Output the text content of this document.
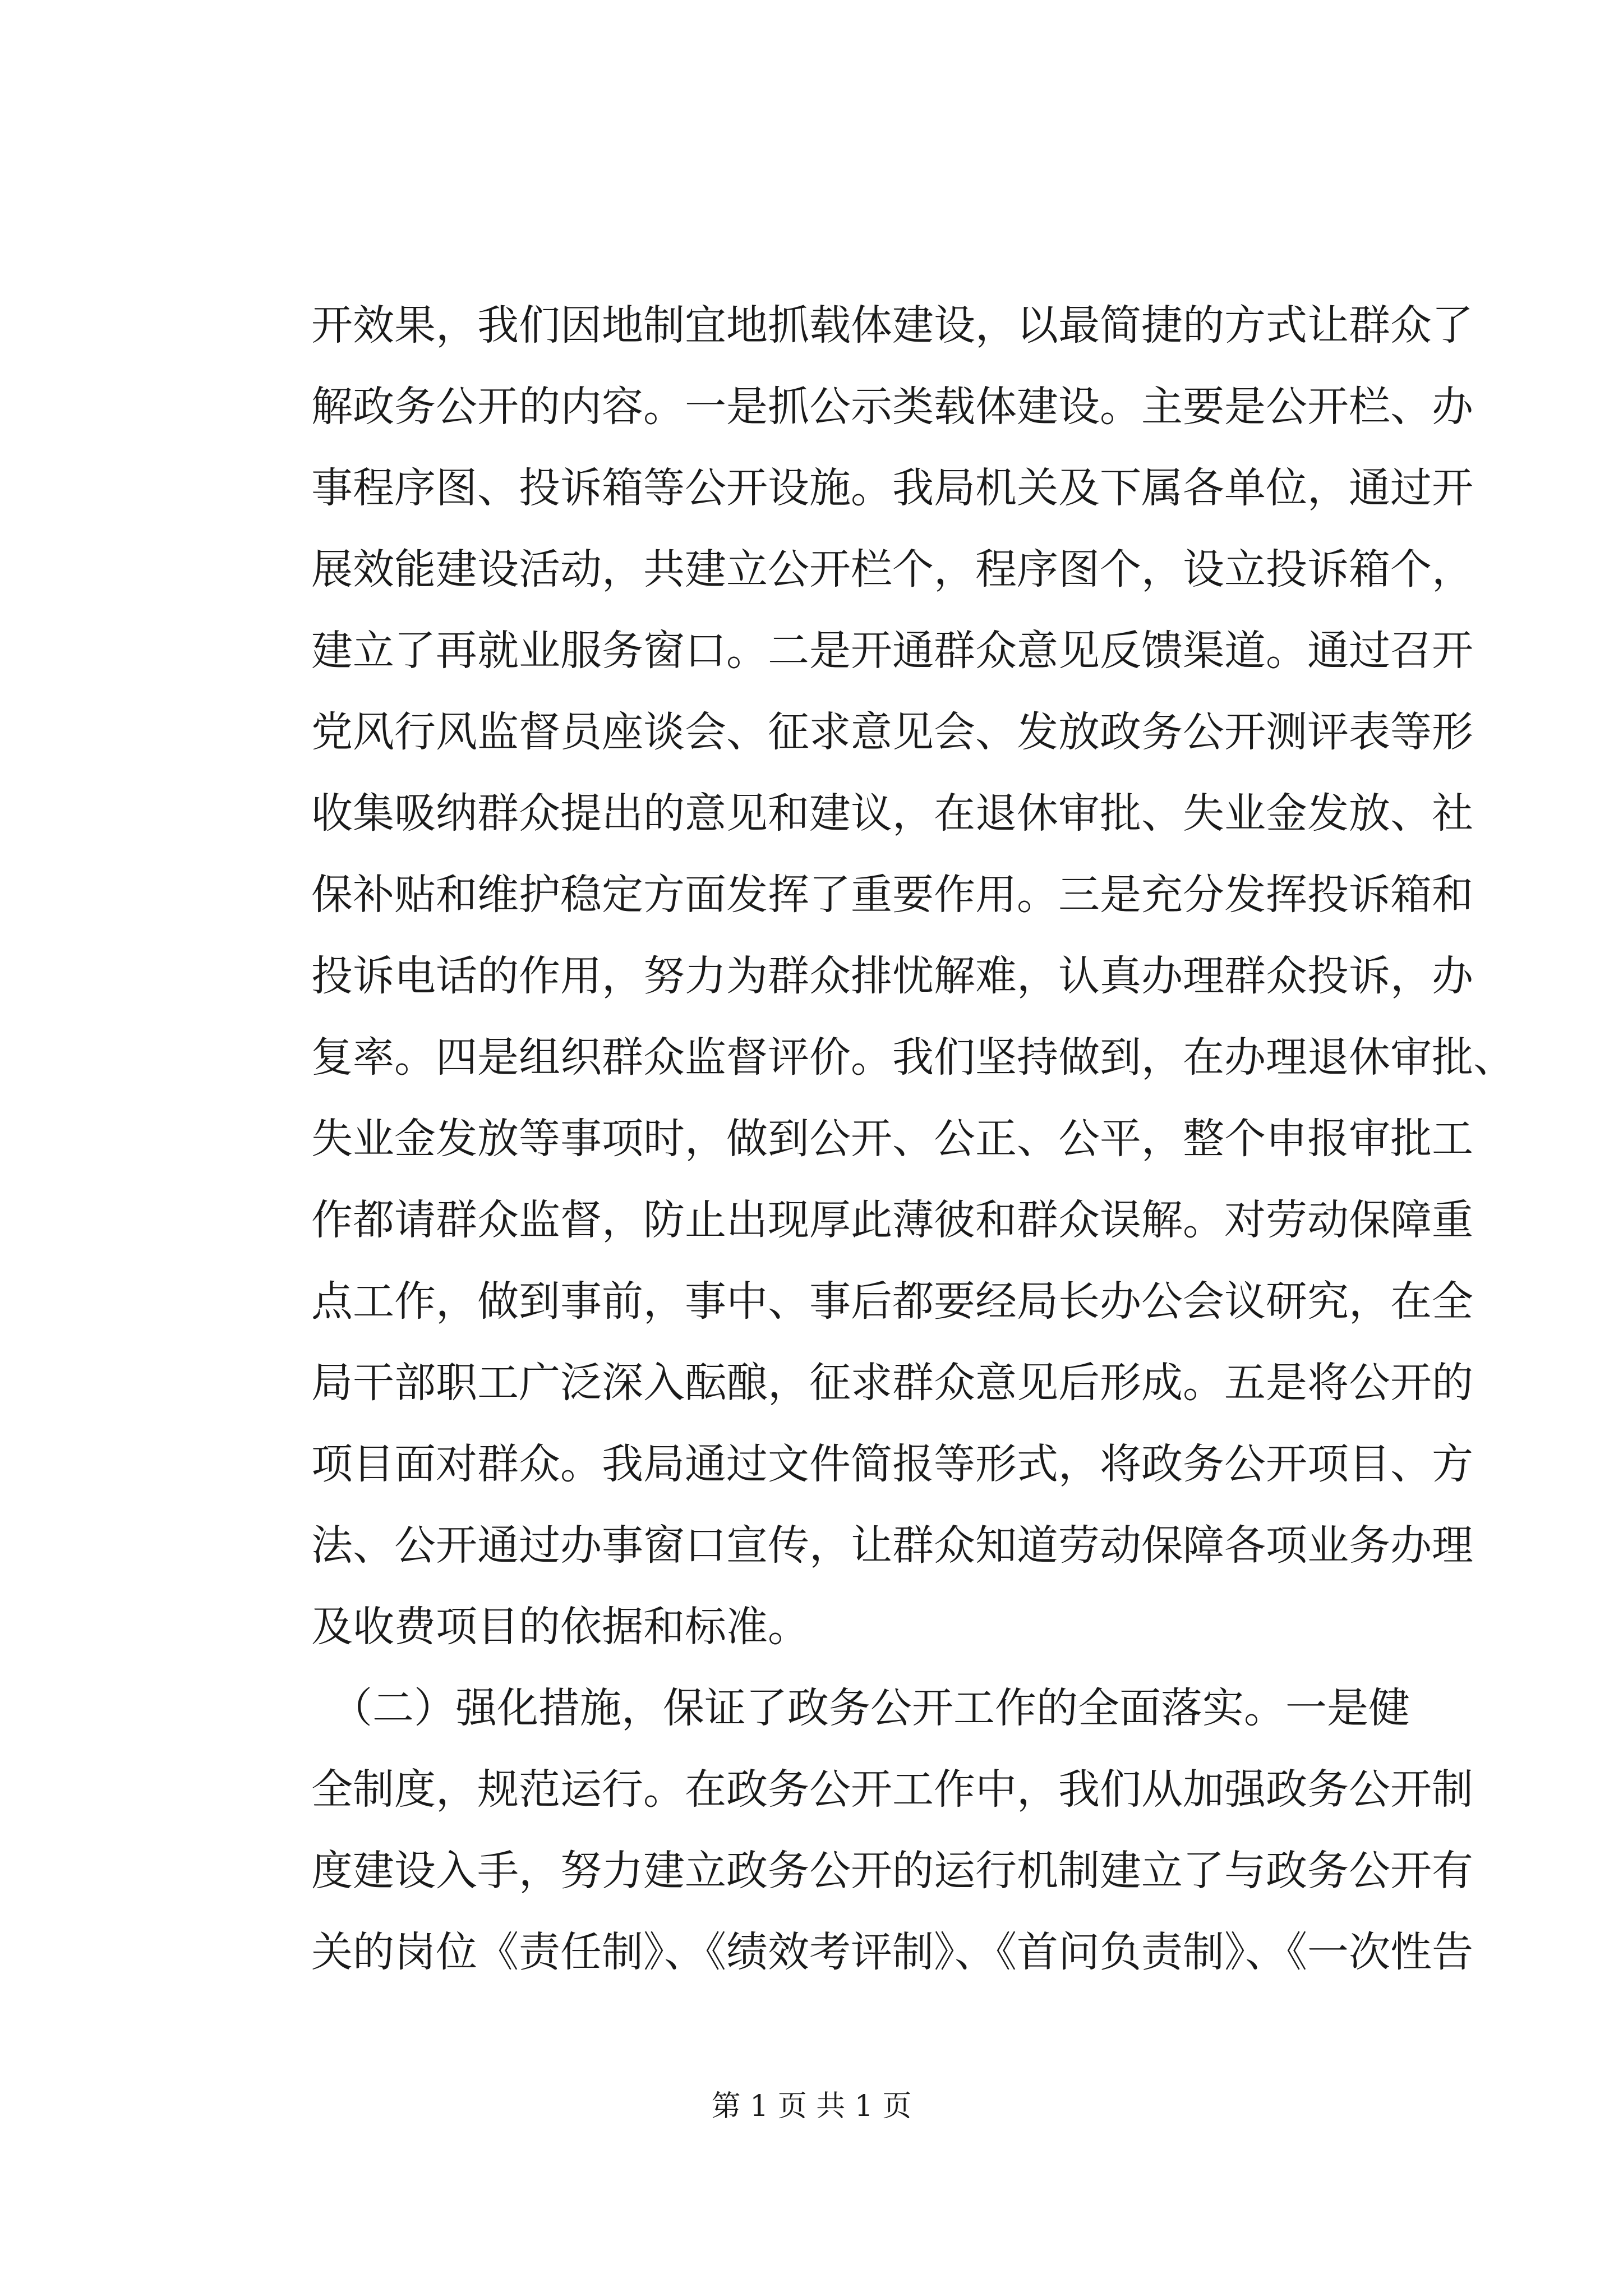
开效果，我们因地制宜地抓载体建设，以最简捷的方式让群众了
解政务公开的内容。一是抓公示类载体建设。主要是公开栏、办
事程序图、投诉箱等公开设施。我局机关及下属各单位，通过开
展效能建设活动，共建立公开栏个，程序图个，设立投诉箱个，
建立了再就业服务窗口。二是开通群众意见反馈渠道。通过召开
党风行风监督员座谈会、征求意见会、发放政务公开测评表等形
收集吸纳群众提出的意见和建议，在退休审批、失业金发放、社
保补贴和维护稳定方面发挥了重要作用。三是充分发挥投诉箱和
投诉电话的作用，努力为群众排忧解难，认真办理群众投诉，办
复率。四是组织群众监督评价。我们坚持做到，在办理退休审批、
失业金发放等事项时，做到公开、公正、公平，整个申报审批工
作都请群众监督，防止出现厚此薄彼和群众误解。对劳动保障重
点工作，做到事前，事中、事后都要经局长办公会议研究，在全
局干部职工广泛深入酝酿，征求群众意见后形成。五是将公开的
项目面对群众。我局通过文件简报等形式，将政务公开项目、方
法、公开通过办事窗口宣传，让群众知道劳动保障各项业务办理
及收费项目的依据和标准。
（二）强化措施，保证了政务公开工作的全面落实。一是健
全制度，规范运行。在政务公开工作中，我们从加强政务公开制
度建设入手，努力建立政务公开的运行机制建立了与政务公开有
关的岗位《责任制》、《绩效考评制》、《首问负责制》、《一次性告
第 1 页 共 1 页
